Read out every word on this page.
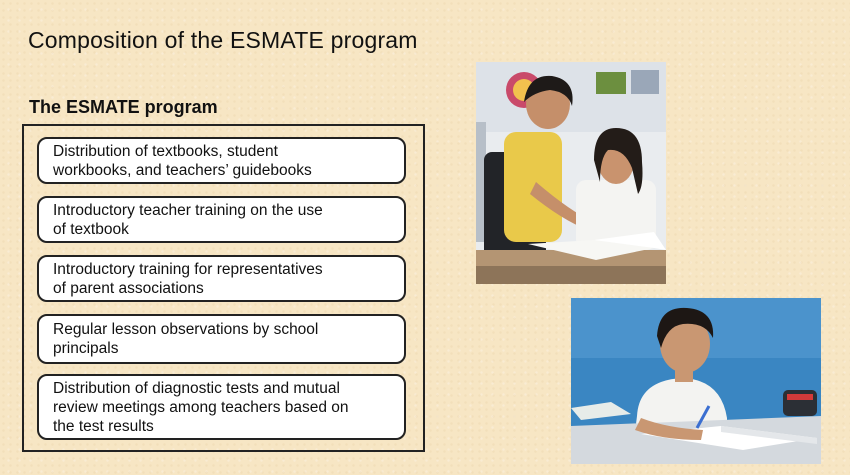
Composition of the ESMATE program
The ESMATE program
Distribution of textbooks, student
workbooks, and teachers’ guidebooks
Introductory teacher training on the use
of textbook
Introductory training for representatives
of parent associations
Regular lesson observations by school
principals
Distribution of diagnostic tests and mutual
review meetings among teachers based on
the test results
